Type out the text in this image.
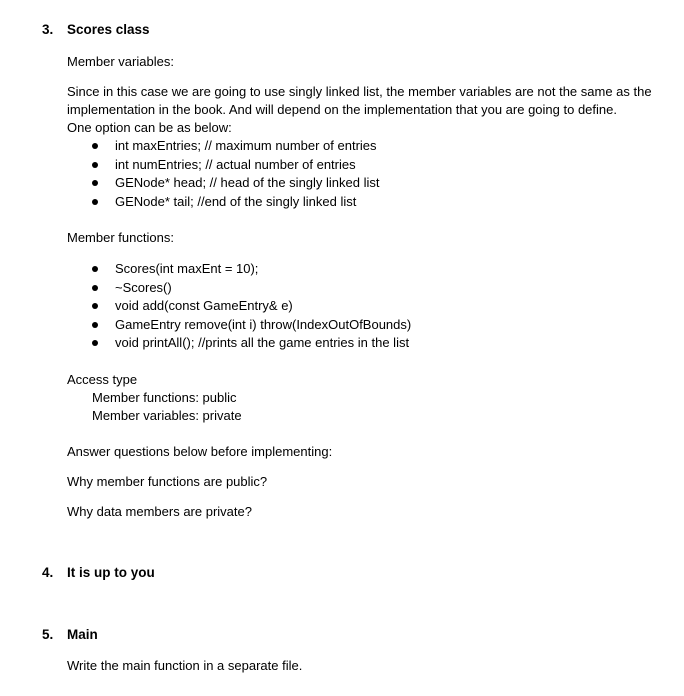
3. Scores class
Member variables:
Since in this case we are going to use singly linked list, the member variables are not the same as the implementation in the book. And will depend on the implementation that you are going to define.
One option can be as below:
int maxEntries; // maximum number of entries
int numEntries; // actual number of entries
GENode* head; // head of the singly linked list
GENode* tail; //end of the singly linked list
Member functions:
Scores(int maxEnt = 10);
~Scores()
void add(const GameEntry& e)
GameEntry remove(int i) throw(IndexOutOfBounds)
void printAll(); //prints all the game entries in the list
Access type
Member functions: public
Member variables: private
Answer questions below before implementing:
Why member functions are public?
Why data members are private?
4. It is up to you
5. Main
Write the main function in a separate file.
